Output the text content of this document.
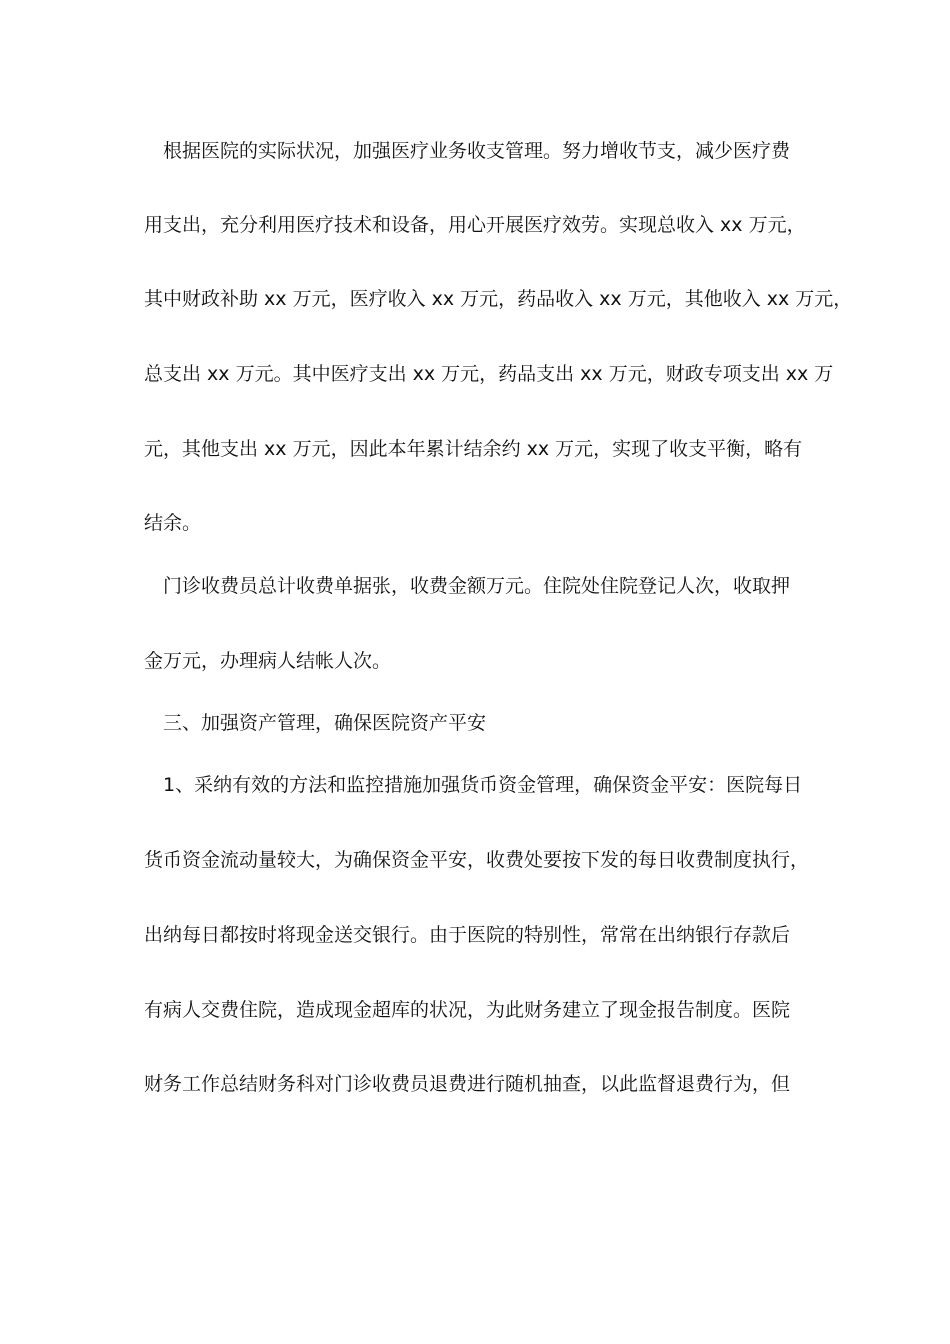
根据医院的实际状况，加强医疗业务收支管理。努力增收节支，减少医疗费
用支出，充分利用医疗技术和设备，用心开展医疗效劳。实现总收入 xx 万元，
其中财政补助 xx 万元，医疗收入 xx 万元，药品收入 xx 万元，其他收入 xx 万元，
总支出 xx 万元。其中医疗支出 xx 万元，药品支出 xx 万元，财政专项支出 xx 万
元，其他支出 xx 万元，因此本年累计结余约 xx 万元，实现了收支平衡，略有
结余。
门诊收费员总计收费单据张，收费金额万元。住院处住院登记人次，收取押
金万元，办理病人结帐人次。
三、加强资产管理，确保医院资产平安
1、采纳有效的方法和监控措施加强货币资金管理，确保资金平安：医院每日
货币资金流动量较大，为确保资金平安，收费处要按下发的每日收费制度执行，
出纳每日都按时将现金送交银行。由于医院的特别性，常常在出纳银行存款后
有病人交费住院，造成现金超库的状况，为此财务建立了现金报告制度。医院
财务工作总结财务科对门诊收费员退费进行随机抽查，以此监督退费行为，但
